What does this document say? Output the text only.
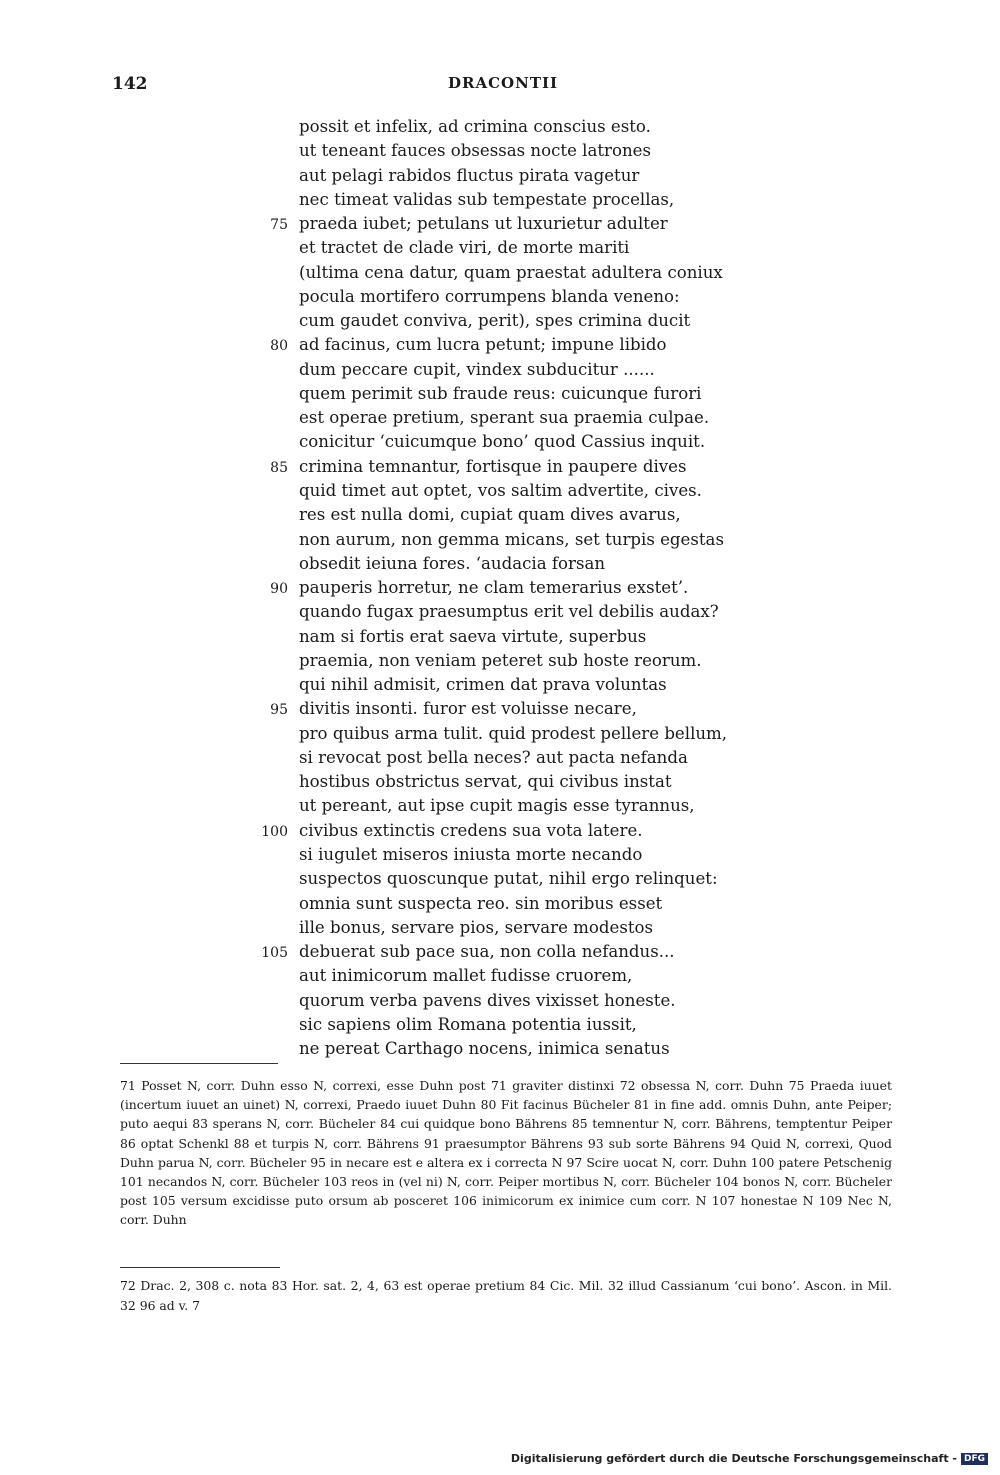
142	DRACONTII
possit et infelix, ad crimina conscius esto.
ut teneant fauces obsessas nocte latrones
aut pelagi rabidos fluctus pirata vagetur
nec timeat validas sub tempestate procellas,
75 praeda iubet; petulans ut luxurietur adulter
et tractet de clade viri, de morte mariti
(ultima cena datur, quam praestat adultera coniux
pocula mortifero corrumpens blanda veneno:
cum gaudet conviva, perit), spes crimina ducit
80 ad facinus, cum lucra petunt; impune libido
dum peccare cupit, vindex subducitur ......
quem perimit sub fraude reus: cuicunque furori
est operae pretium, sperant sua praemia culpae.
conicitur ‘cuicumque bono’ quod Cassius inquit.
85 crimina temnantur, fortisque in paupere dives
quid timet aut optet, vos saltim advertite, cives.
res est nulla domi, cupiat quam dives avarus,
non aurum, non gemma micans, set turpis egestas
obsedit ieiuna fores. ‘audacia forsan
90 pauperis horretur, ne clam temerarius exstet’.
quando fugax praesumptus erit vel debilis audax?
nam si fortis erat saeva virtute, superbus
praemia, non veniam peteret sub hoste reorum.
qui nihil admisit, crimen dat prava voluntas
95 divitis insonti. furor est voluisse necare,
pro quibus arma tulit. quid prodest pellere bellum,
si revocat post bella neces? aut pacta nefanda
hostibus obstrictus servat, qui civibus instat
ut pereant, aut ipse cupit magis esse tyrannus,
100 civibus extinctis credens sua vota latere.
si iugulet miseros iniusta morte necando
suspectos quoscunque putat, nihil ergo relinquet:
omnia sunt suspecta reo. sin moribus esset
ille bonus, servare pios, servare modestos
105 debuerat sub pace sua, non colla nefandus...
aut inimicorum mallet fudisse cruorem,
quorum verba pavens dives vixisset honeste.
sic sapiens olim Romana potentia iussit,
ne pereat Carthago nocens, inimica senatus
71 Posset N, corr. Duhn esso N, correxi, esse Duhn post 71 graviter distinxi 72 obsessa N, corr. Duhn 75 Praeda iuuet (incertum iuuet an uinet) N, correxi, Praedo iuuet Duhn 80 Fit facinus Bücheler 81 in fine add. omnis Duhn, ante Peiper; puto aequi 83 sperans N, corr. Bücheler 84 cui quidque bono Bährens 85 temnentur N, corr. Bährens, temptentur Peiper 86 optat Schenkl 88 et turpis N, corr. Bährens 91 praesumptor Bährens 93 sub sorte Bährens 94 Quid N, correxi, Quod Duhn parua N, corr. Bücheler 95 in necare est e altera ex i correcta N 97 Scire uocat N, corr. Duhn 100 patere Petschenig 101 necandos N, corr. Bücheler 103 reos in (vel ni) N, corr. Peiper mortibus N, corr. Bücheler 104 bonos N, corr. Bücheler post 105 versum excidisse puto orsum ab posceret 106 inimicorum ex inimice cum corr. N 107 honestae N 109 Nec N, corr. Duhn
72 Drac. 2, 308 c. nota 83 Hor. sat. 2, 4, 63 est operae pretium 84 Cic. Mil. 32 illud Cassianum ‘cui bono’. Ascon. in Mil. 32 96 ad v. 7
Digitalisierung gefördert durch die Deutsche Forschungsgemeinschaft - DFG
